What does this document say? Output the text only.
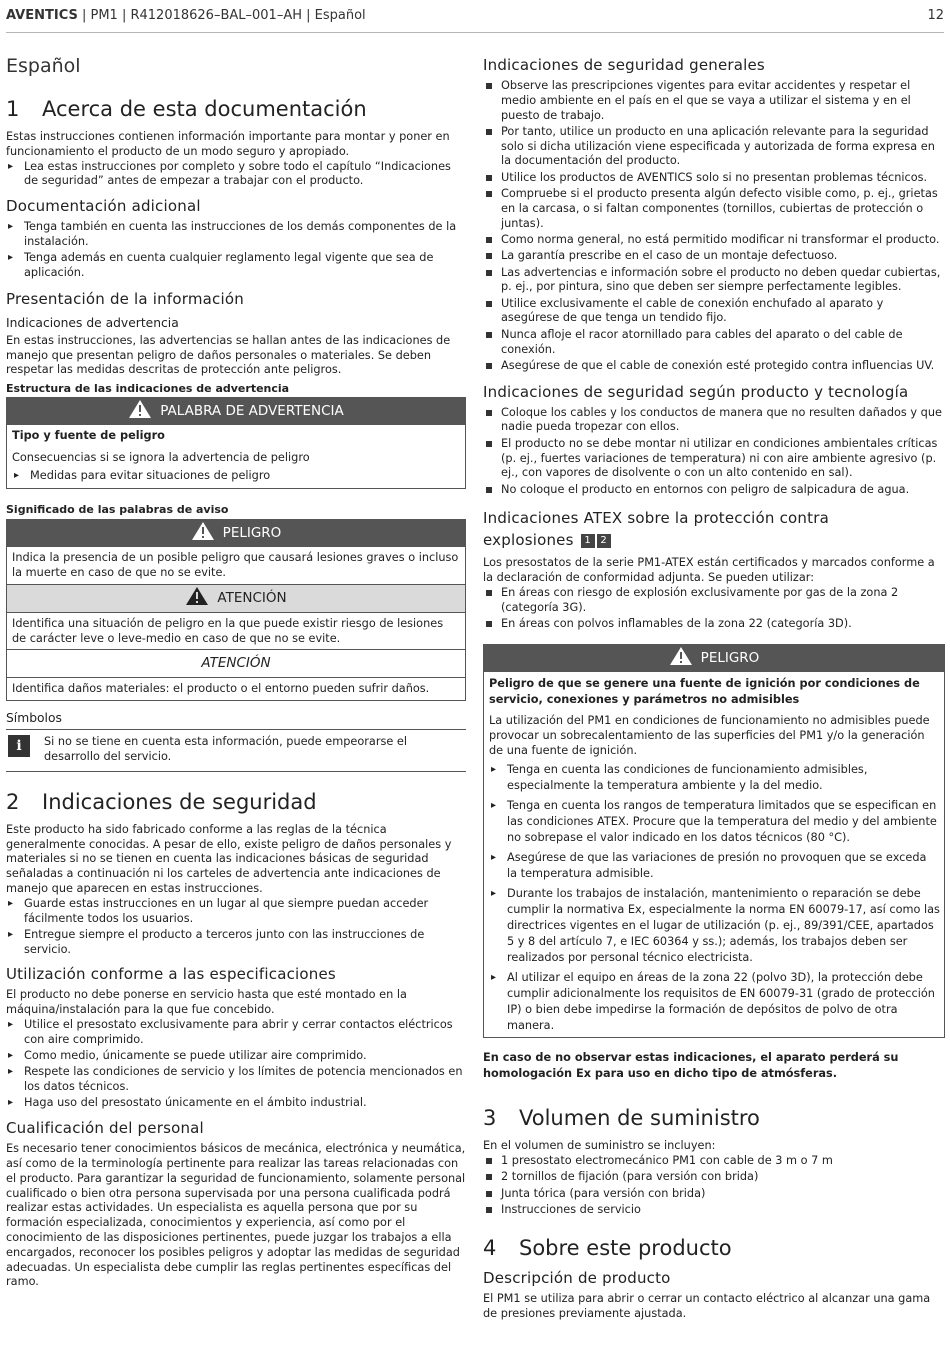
AVENTICS | PM1 | R412018626–BAL–001–AH | Español	12
Español
1	Acerca de esta documentación

Estas instrucciones contienen información importante para montar y poner en funcionamiento el producto de un modo seguro y apropiado.

▸ Lea estas instrucciones por completo y sobre todo el capítulo “Indicaciones de seguridad” antes de empezar a trabajar con el producto.
Documentación adicional
▸ Tenga también en cuenta las instrucciones de los demás componentes de la instalación.
▸ Tenga además en cuenta cualquier reglamento legal vigente que sea de aplicación.
Presentación de la información
Indicaciones de advertencia

En estas instrucciones, las advertencias se hallan antes de las indicaciones de manejo que presentan peligro de daños personales o materiales. Se deben respetar las medidas descritas de protección ante peligros.

Estructura de las indicaciones de advertencia
PALABRA DE ADVERTENCIA
Tipo y fuente de peligro
Consecuencias si se ignora la advertencia de peligro
▸ Medidas para evitar situaciones de peligro
Significado de las palabras de aviso
PELIGRO
Indica la presencia de un posible peligro que causará lesiones graves o incluso la muerte en caso de que no se evite.
ATENCIÓN
Identifica una situación de peligro en la que puede existir riesgo de lesiones de carácter leve o leve-medio en caso de que no se evite.
ATENCIÓN
Identifica daños materiales: el producto o el entorno pueden sufrir daños.
Símbolos
i	Si no se tiene en cuenta esta información, puede empeorarse el desarrollo del servicio.

2	Indicaciones de seguridad

Este producto ha sido fabricado conforme a las reglas de la técnica generalmente conocidas. A pesar de ello, existe peligro de daños personales y materiales si no se tienen en cuenta las indicaciones básicas de seguridad señaladas a continuación ni los carteles de advertencia ante indicaciones de manejo que aparecen en estas instrucciones.

▸ Guarde estas instrucciones en un lugar al que siempre puedan acceder fácilmente todos los usuarios.
▸ Entregue siempre el producto a terceros junto con las instrucciones de servicio.
Utilización conforme a las especificaciones

El producto no debe ponerse en servicio hasta que esté montado en la máquina/instalación para la que fue concebido.

▸ Utilice el presostato exclusivamente para abrir y cerrar contactos eléctricos con aire comprimido.
▸ Como medio, únicamente se puede utilizar aire comprimido.
▸ Respete las condiciones de servicio y los límites de potencia mencionados en los datos técnicos.
▸ Haga uso del presostato únicamente en el ámbito industrial.
Cualificación del personal

Es necesario tener conocimientos básicos de mecánica, electrónica y neumática, así como de la terminología pertinente para realizar las tareas relacionadas con el producto. Para garantizar la seguridad de funcionamiento, solamente personal cualificado o bien otra persona supervisada por una persona cualificada podrá realizar estas actividades. Un especialista es aquella persona que por su formación especializada, conocimientos y experiencia, así como por el conocimiento de las disposiciones pertinentes, puede juzgar los trabajos a ella encargados, reconocer los posibles peligros y adoptar las medidas de seguridad adecuadas. Un especialista debe cumplir las reglas pertinentes específicas del ramo.

Indicaciones de seguridad generales
Observe las prescripciones vigentes para evitar accidentes y respetar el medio ambiente en el país en el que se vaya a utilizar el sistema y en el puesto de trabajo.
Por tanto, utilice un producto en una aplicación relevante para la seguridad solo si dicha utilización viene especificada y autorizada de forma expresa en la documentación del producto.
Utilice los productos de AVENTICS solo si no presentan problemas técnicos.
Compruebe si el producto presenta algún defecto visible como, p. ej., grietas en la carcasa, o si faltan componentes (tornillos, cubiertas de protección o juntas).
Como norma general, no está permitido modificar ni transformar el producto.
La garantía prescribe en el caso de un montaje defectuoso.
Las advertencias e información sobre el producto no deben quedar cubiertas, p. ej., por pintura, sino que deben ser siempre perfectamente legibles.
Utilice exclusivamente el cable de conexión enchufado al aparato y asegúrese de que tenga un tendido fijo.
Nunca afloje el racor atornillado para cables del aparato o del cable de conexión.
Asegúrese de que el cable de conexión esté protegido contra influencias UV.
Indicaciones de seguridad según producto y tecnología
Coloque los cables y los conductos de manera que no resulten dañados y que nadie pueda tropezar con ellos.
El producto no se debe montar ni utilizar en condiciones ambientales críticas (p. ej., fuertes variaciones de temperatura) ni con aire ambiente agresivo (p. ej., con vapores de disolvente o con un alto contenido en sal).
No coloque el producto en entornos con peligro de salpicadura de agua.
Indicaciones ATEX sobre la protección contra
explosiones 1 2

Los presostatos de la serie PM1-ATEX están certificados y marcados conforme a la declaración de conformidad adjunta. Se pueden utilizar:

En áreas con riesgo de explosión exclusivamente por gas de la zona 2 (categoría 3G).
En áreas con polvos inflamables de la zona 22 (categoría 3D).
PELIGRO
Peligro de que se genere una fuente de ignición por condiciones de servicio, conexiones y parámetros no admisibles
La utilización del PM1 en condiciones de funcionamiento no admisibles puede provocar un sobrecalentamiento de las superficies del PM1 y/o la generación de una fuente de ignición.
▸ Tenga en cuenta las condiciones de funcionamiento admisibles, especialmente la temperatura ambiente y la del medio.
▸ Tenga en cuenta los rangos de temperatura limitados que se especifican en las condiciones ATEX. Procure que la temperatura del medio y del ambiente no sobrepase el valor indicado en los datos técnicos (80 °C).
▸ Asegúrese de que las variaciones de presión no provoquen que se exceda la temperatura admisible.
▸ Durante los trabajos de instalación, mantenimiento o reparación se debe cumplir la normativa Ex, especialmente la norma EN 60079-17, así como las directrices vigentes en el lugar de utilización (p. ej., 89/391/CEE, apartados 5 y 8 del artículo 7, e IEC 60364 y ss.); además, los trabajos deben ser realizados por personal técnico electricista.
▸ Al utilizar el equipo en áreas de la zona 22 (polvo 3D), la protección debe cumplir adicionalmente los requisitos de EN 60079-31 (grado de protección IP) o bien debe impedirse la formación de depósitos de polvo de otra manera.

En caso de no observar estas indicaciones, el aparato perderá su homologación Ex para uso en dicho tipo de atmósferas.

3	Volumen de suministro

En el volumen de suministro se incluyen:

1 presostato electromecánico PM1 con cable de 3 m o 7 m
2 tornillos de fijación (para versión con brida)
Junta tórica (para versión con brida)
Instrucciones de servicio
4	Sobre este producto
Descripción de producto

El PM1 se utiliza para abrir o cerrar un contacto eléctrico al alcanzar una gama de presiones previamente ajustada.
